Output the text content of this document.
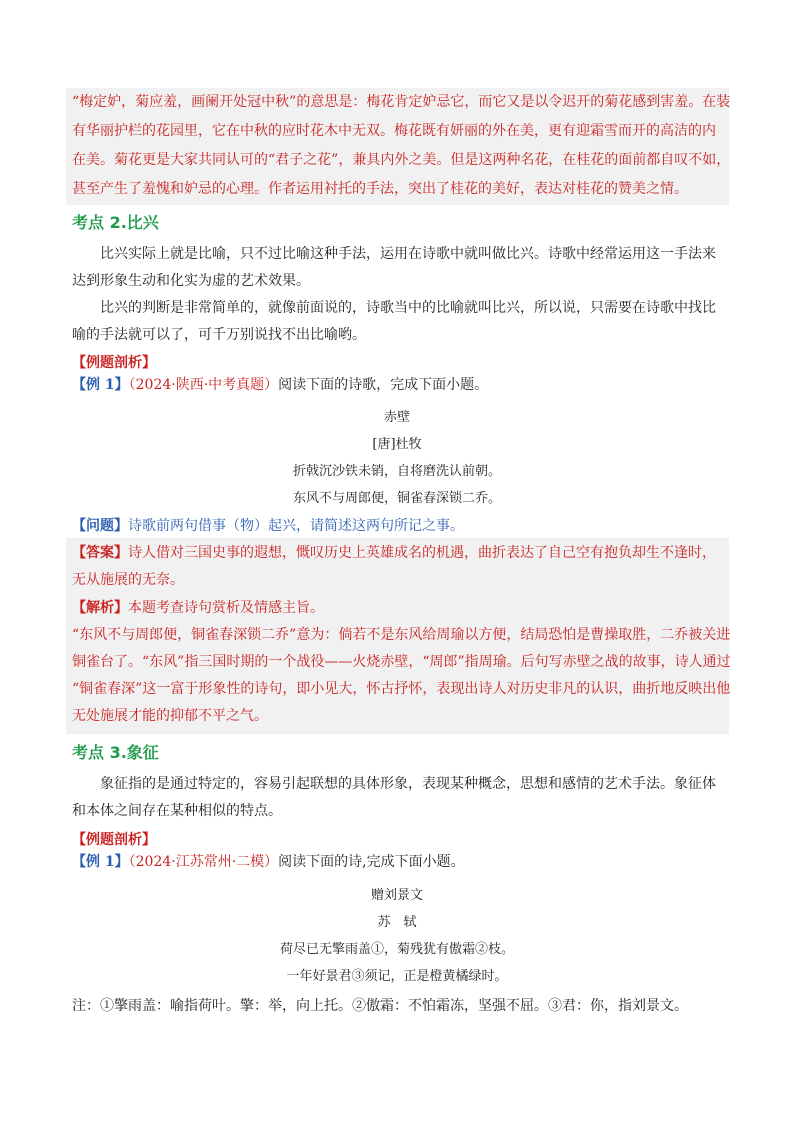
“梅定妒，菊应羞，画阑开处冠中秋”的意思是：梅花肯定妒忌它，而它又是以令迟开的菊花感到害羞。在装
有华丽护栏的花园里，它在中秋的应时花木中无双。梅花既有妍丽的外在美，更有迎霜雪而开的高洁的内
在美。菊花更是大家共同认可的“君子之花”，兼具内外之美。但是这两种名花，在桂花的面前都自叹不如，
甚至产生了羞愧和妒忌的心理。作者运用衬托的手法，突出了桂花的美好，表达对桂花的赞美之情。
考点 2.比兴
比兴实际上就是比喻，只不过比喻这种手法，运用在诗歌中就叫做比兴。诗歌中经常运用这一手法来
达到形象生动和化实为虚的艺术效果。
比兴的判断是非常简单的，就像前面说的，诗歌当中的比喻就叫比兴，所以说，只需要在诗歌中找比
喻的手法就可以了，可千万别说找不出比喻哟。
【例题剖析】
【例 1】（2024·陕西·中考真题）阅读下面的诗歌，完成下面小题。
赤壁
[唐]杜牧
折戟沉沙铁未销，自将磨洗认前朝。
东风不与周郎便，铜雀春深锁二乔。
【问题】诗歌前两句借事（物）起兴，请简述这两句所记之事。
【答案】诗人借对三国史事的遐想，慨叹历史上英雄成名的机遇，曲折表达了自己空有抱负却生不逢时，
无从施展的无奈。
【解析】本题考查诗句赏析及情感主旨。
“东风不与周郎便，铜雀春深锁二乔”意为：倘若不是东风给周瑜以方便，结局恐怕是曹操取胜，二乔被关进
铜雀台了。“东风”指三国时期的一个战役——火烧赤壁，“周郎”指周瑜。后句写赤壁之战的故事，诗人通过
“铜雀春深”这一富于形象性的诗句，即小见大，怀古抒怀，表现出诗人对历史非凡的认识，曲折地反映出他
无处施展才能的抑郁不平之气。
考点 3.象征
象征指的是通过特定的，容易引起联想的具体形象，表现某种概念，思想和感情的艺术手法。象征体
和本体之间存在某种相似的特点。
【例题剖析】
【例 1】（2024·江苏常州·二模）阅读下面的诗,完成下面小题。
赠刘景文
苏　轼
荷尽已无擎雨盖①，菊残犹有傲霜②枝。
一年好景君③须记，正是橙黄橘绿时。
注：①擎雨盖：喻指荷叶。擎：举，向上托。②傲霜：不怕霜冻，坚强不屈。③君：你，指刘景文。
